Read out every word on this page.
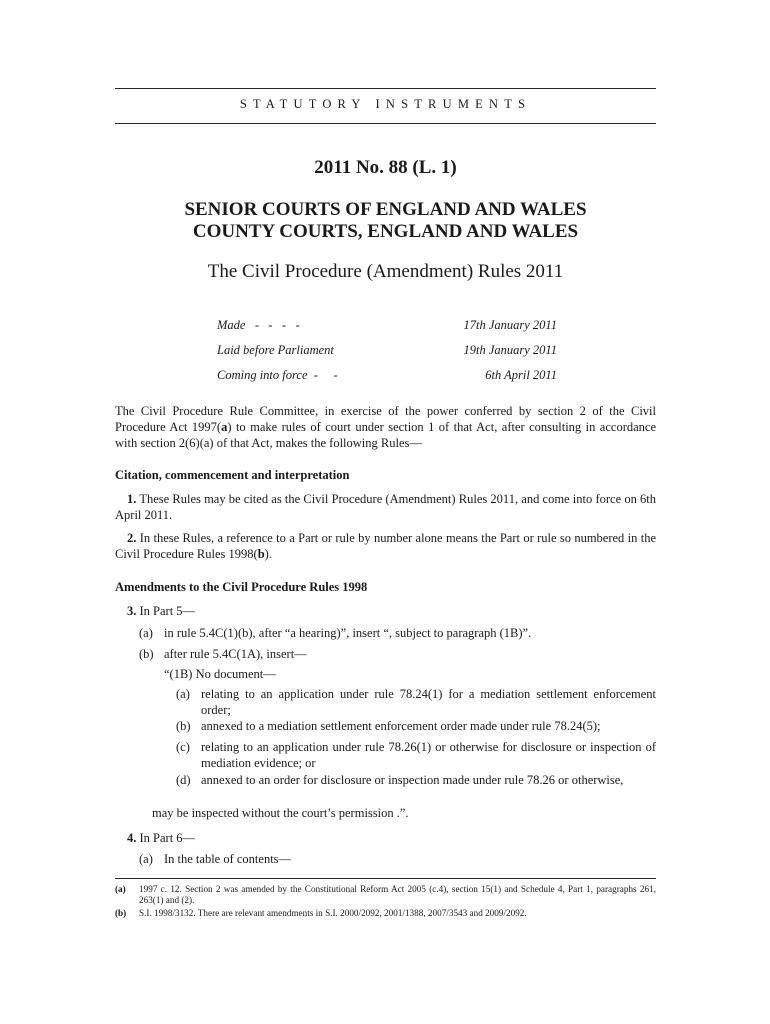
STATUTORY INSTRUMENTS
2011 No. 88 (L. 1)
SENIOR COURTS OF ENGLAND AND WALES
COUNTY COURTS, ENGLAND AND WALES
The Civil Procedure (Amendment) Rules 2011
Made   -   -   -   -	17th January 2011
Laid before Parliament	19th January 2011
Coming into force  -     -	6th April 2011
The Civil Procedure Rule Committee, in exercise of the power conferred by section 2 of the Civil Procedure Act 1997(a) to make rules of court under section 1 of that Act, after consulting in accordance with section 2(6)(a) of that Act, makes the following Rules—
Citation, commencement and interpretation
1. These Rules may be cited as the Civil Procedure (Amendment) Rules 2011, and come into force on 6th April 2011.
2. In these Rules, a reference to a Part or rule by number alone means the Part or rule so numbered in the Civil Procedure Rules 1998(b).
Amendments to the Civil Procedure Rules 1998
3. In Part 5—
(a) in rule 5.4C(1)(b), after “a hearing)”, insert “, subject to paragraph (1B)”.
(b) after rule 5.4C(1A), insert—
“(1B) No document—
(a) relating to an application under rule 78.24(1) for a mediation settlement enforcement order;
(b) annexed to a mediation settlement enforcement order made under rule 78.24(5);
(c) relating to an application under rule 78.26(1) or otherwise for disclosure or inspection of mediation evidence; or
(d) annexed to an order for disclosure or inspection made under rule 78.26 or otherwise,
may be inspected without the court’s permission .”.
4. In Part 6—
(a) In the table of contents—
(a) 1997 c. 12. Section 2 was amended by the Constitutional Reform Act 2005 (c.4), section 15(1) and Schedule 4, Part 1, paragraphs 261, 263(1) and (2).
(b) S.I. 1998/3132. There are relevant amendments in S.I. 2000/2092, 2001/1388, 2007/3543 and 2009/2092.
